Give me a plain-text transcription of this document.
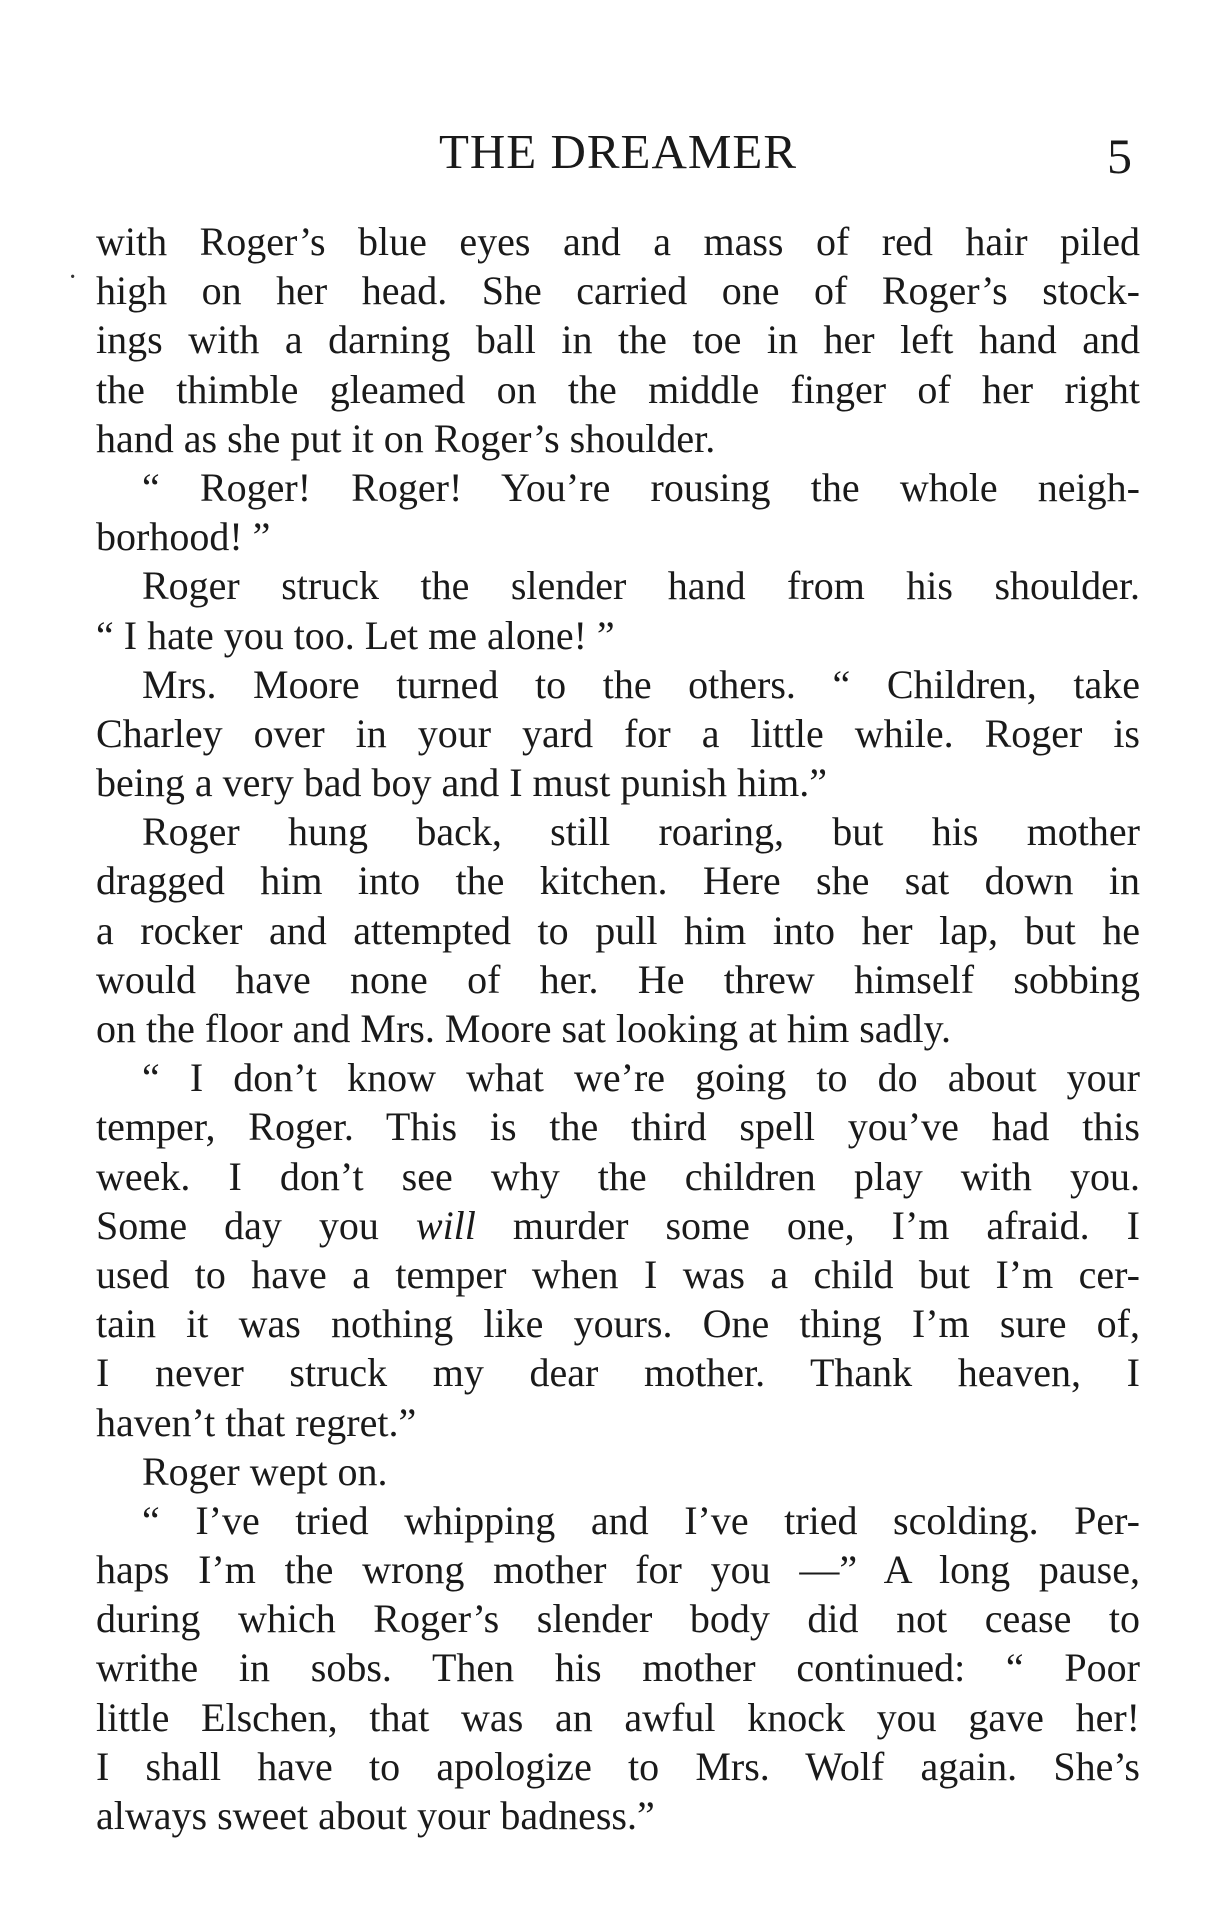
THE DREAMER	5
·
with Roger’s blue eyes and a mass of red hair piled
high on her head. She carried one of Roger’s stock-
ings with a darning ball in the toe in her left hand and
the thimble gleamed on the middle finger of her right
hand as she put it on Roger’s shoulder.
“ Roger! Roger! You’re rousing the whole neigh-
borhood! ”
Roger struck the slender hand from his shoulder.
“ I hate you too. Let me alone! ”
Mrs. Moore turned to the others. “ Children, take
Charley over in your yard for a little while. Roger is
being a very bad boy and I must punish him.”
Roger hung back, still roaring, but his mother
dragged him into the kitchen. Here she sat down in
a rocker and attempted to pull him into her lap, but he
would have none of her. He threw himself sobbing
on the floor and Mrs. Moore sat looking at him sadly.
“ I don’t know what we’re going to do about your
temper, Roger. This is the third spell you’ve had this
week. I don’t see why the children play with you.
Some day you will murder some one, I’m afraid. I
used to have a temper when I was a child but I’m cer-
tain it was nothing like yours. One thing I’m sure of,
I never struck my dear mother. Thank heaven, I
haven’t that regret.”
Roger wept on.
“ I’ve tried whipping and I’ve tried scolding. Per-
haps I’m the wrong mother for you —” A long pause,
during which Roger’s slender body did not cease to
writhe in sobs. Then his mother continued: “ Poor
little Elschen, that was an awful knock you gave her!
I shall have to apologize to Mrs. Wolf again. She’s
always sweet about your badness.”
